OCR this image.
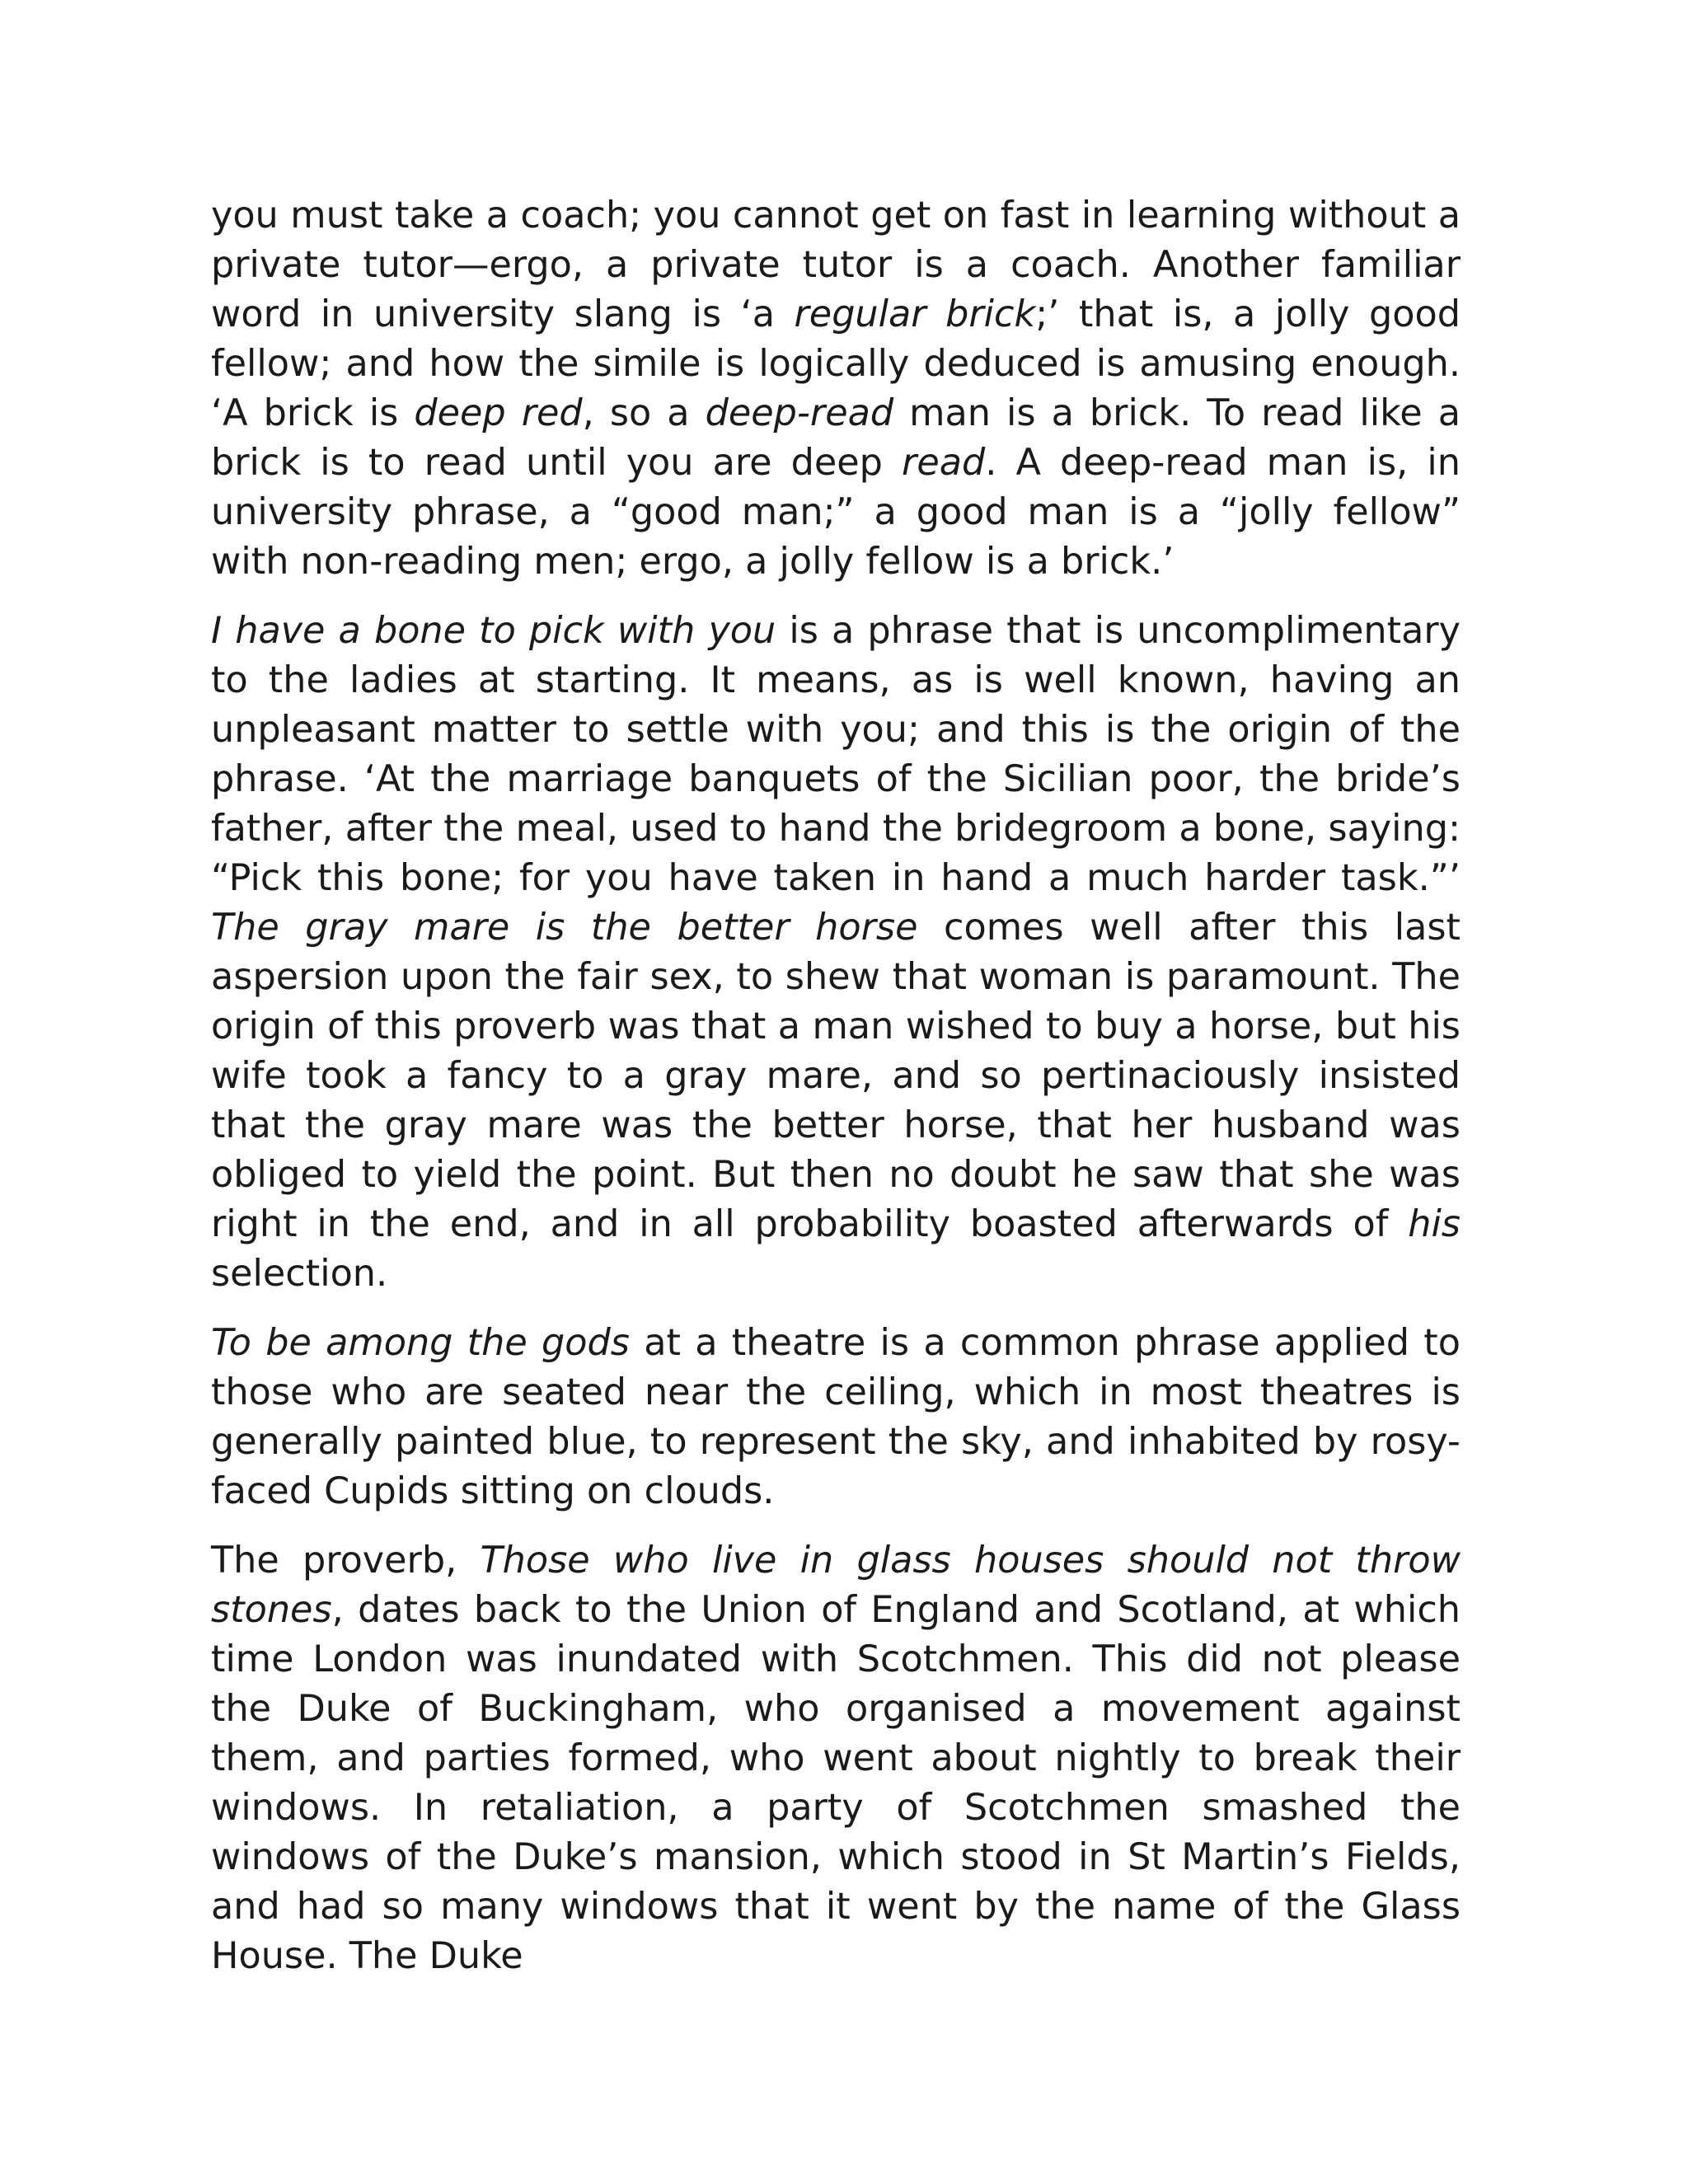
you must take a coach; you cannot get on fast in learning without a private tutor—ergo, a private tutor is a coach. Another familiar word in university slang is ‘a regular brick;’ that is, a jolly good fellow; and how the simile is logically deduced is amusing enough. ‘A brick is deep red, so a deep-read man is a brick. To read like a brick is to read until you are deep read. A deep-read man is, in university phrase, a “good man;” a good man is a “jolly fellow” with non-reading men; ergo, a jolly fellow is a brick.’

I have a bone to pick with you is a phrase that is uncomplimentary to the ladies at starting. It means, as is well known, having an unpleasant matter to settle with you; and this is the origin of the phrase. ‘At the marriage banquets of the Sicilian poor, the bride’s father, after the meal, used to hand the bridegroom a bone, saying: “Pick this bone; for you have taken in hand a much harder task.”’ The gray mare is the better horse comes well after this last aspersion upon the fair sex, to shew that woman is paramount. The origin of this proverb was that a man wished to buy a horse, but his wife took a fancy to a gray mare, and so pertinaciously insisted that the gray mare was the better horse, that her husband was obliged to yield the point. But then no doubt he saw that she was right in the end, and in all probability boasted afterwards of his selection.

To be among the gods at a theatre is a common phrase applied to those who are seated near the ceiling, which in most theatres is generally painted blue, to represent the sky, and inhabited by rosy-faced Cupids sitting on clouds.

The proverb, Those who live in glass houses should not throw stones, dates back to the Union of England and Scotland, at which time London was inundated with Scotchmen. This did not please the Duke of Buckingham, who organised a movement against them, and parties formed, who went about nightly to break their windows. In retaliation, a party of Scotchmen smashed the windows of the Duke’s mansion, which stood in St Martin’s Fields, and had so many windows that it went by the name of the Glass House. The Duke
